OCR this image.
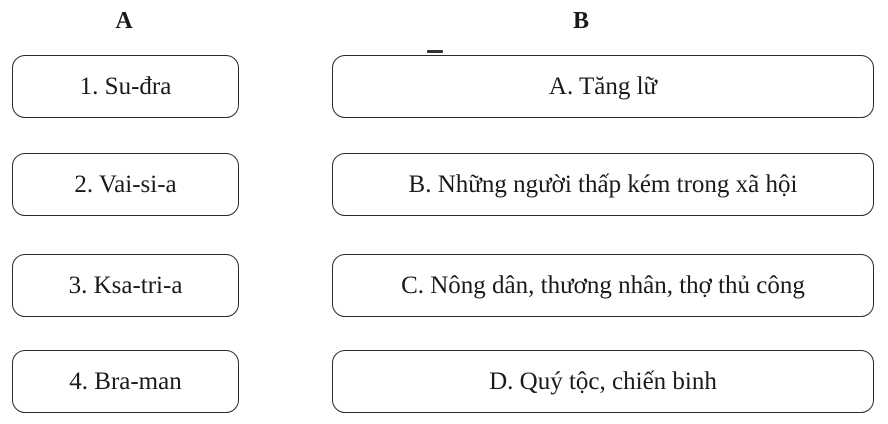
A	B
1. Su-đra
2. Vai-si-a
3. Ksa-tri-a
4. Bra-man
A. Tăng lữ
B. Những người thấp kém trong xã hội
C. Nông dân, thương nhân, thợ thủ công
D. Quý tộc, chiến binh
